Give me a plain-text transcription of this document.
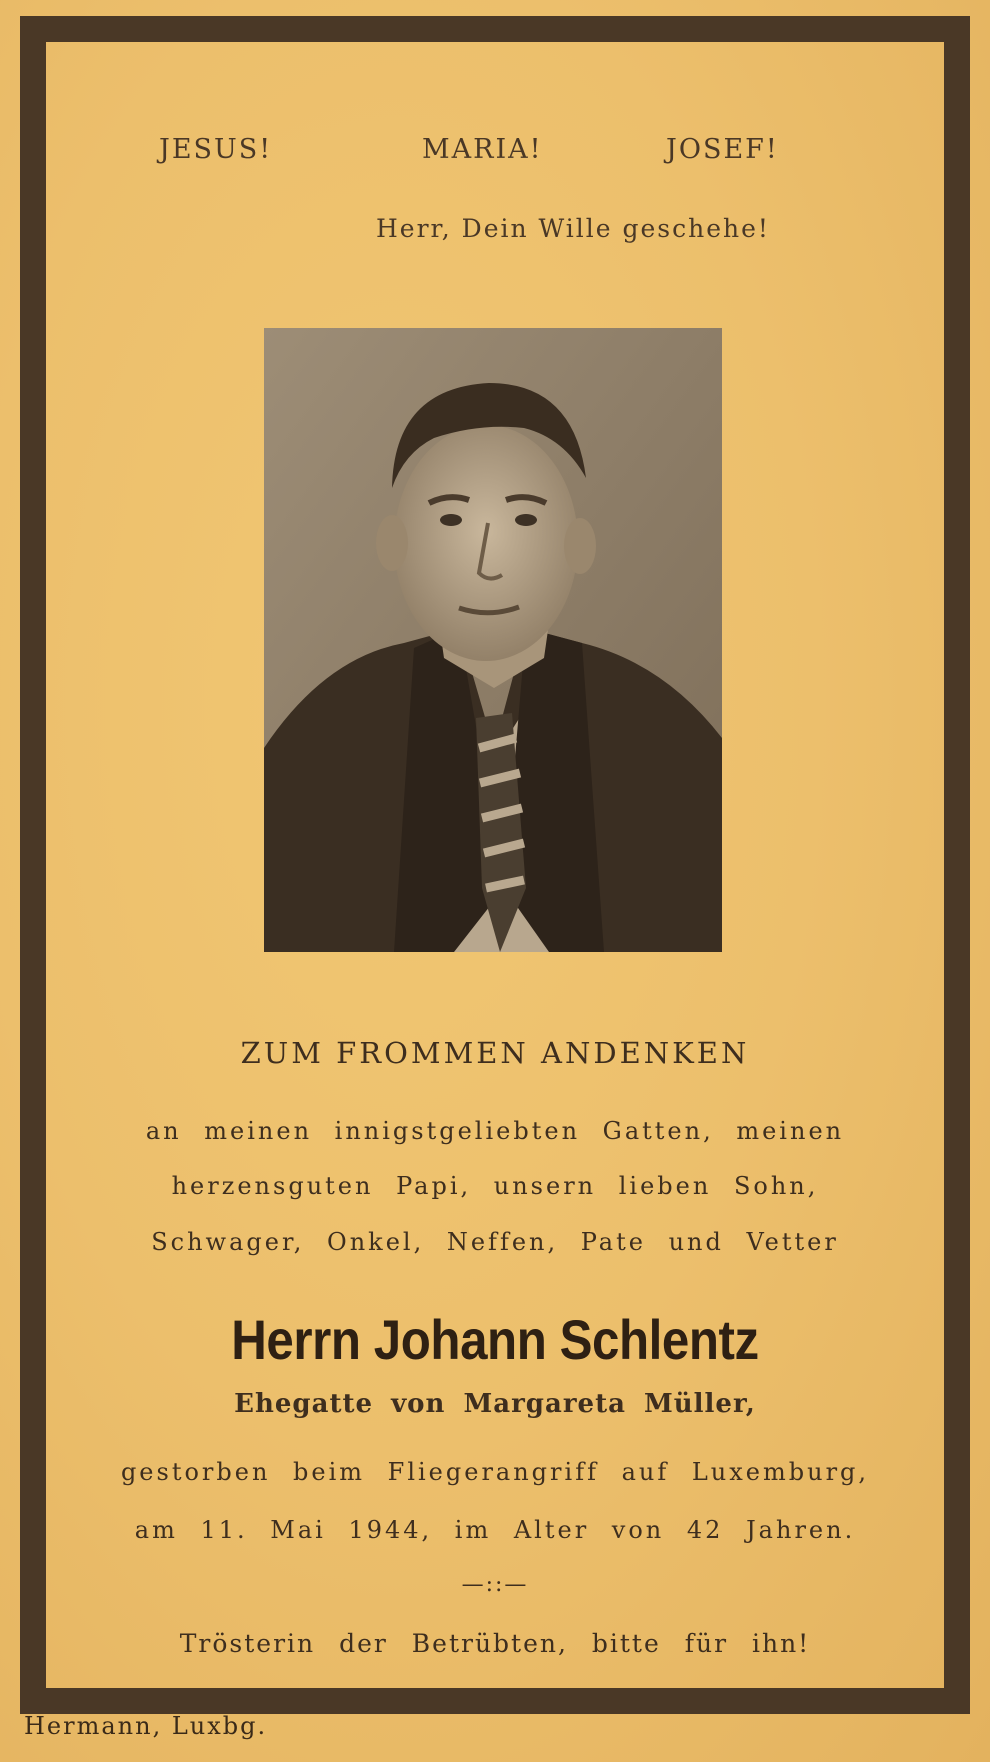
JESUS!	MARIA!	JOSEF!
Herr, Dein Wille geschehe!
ZUM FROMMEN ANDENKEN
an meinen innigstgeliebten Gatten, meinen
herzensguten Papi, unsern lieben Sohn,
Schwager, Onkel, Neffen, Pate und Vetter
Herrn Johann Schlentz
Ehegatte von Margareta Müller,
gestorben beim Fliegerangriff auf Luxemburg,
am 11. Mai 1944, im Alter von 42 Jahren.
—::—
Trösterin der Betrübten, bitte für ihn!
Hermann, Luxbg.
